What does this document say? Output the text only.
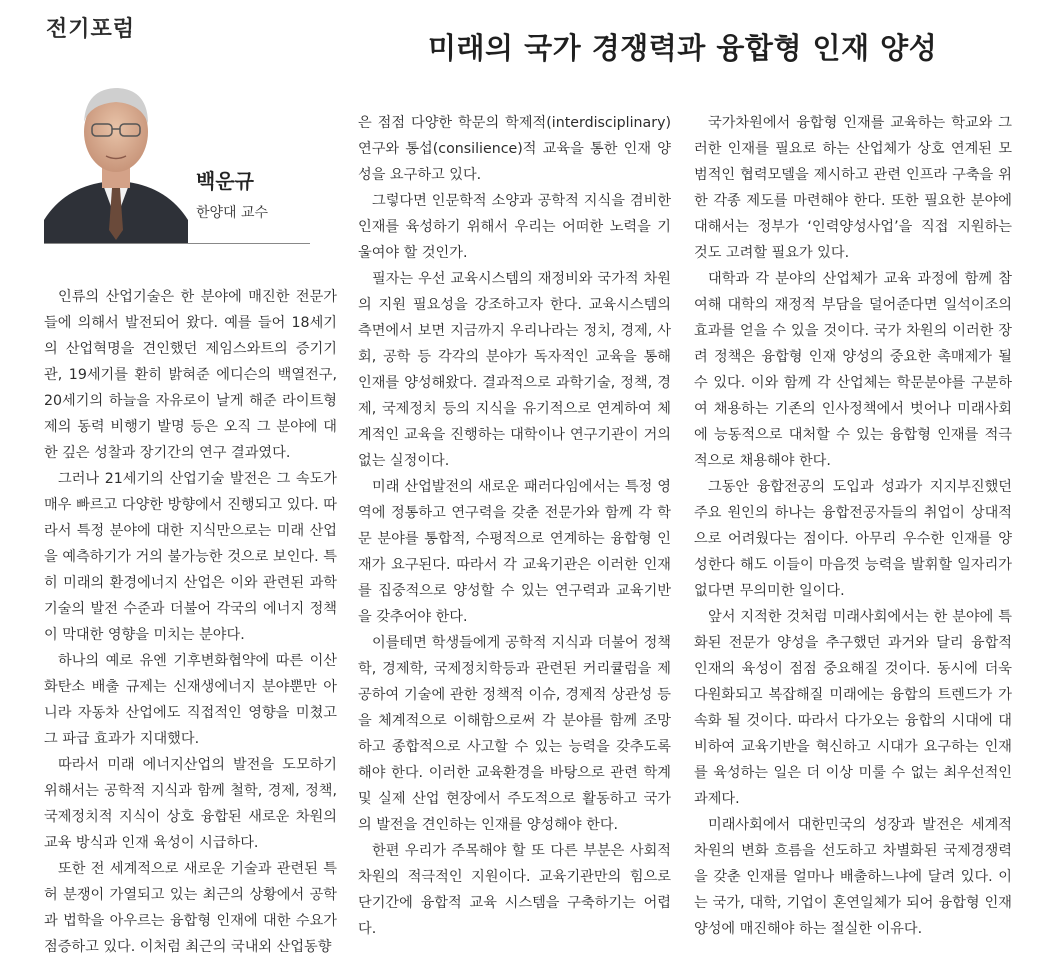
전기포럼
미래의 국가 경쟁력과 융합형 인재 양성
백운규
한양대 교수

인류의 산업기술은 한 분야에 매진한 전문가들에 의해서 발전되어 왔다. 예를 들어 18세기의 산업혁명을 견인했던 제임스와트의 증기기관, 19세기를 환히 밝혀준 에디슨의 백열전구, 20세기의 하늘을 자유로이 날게 해준 라이트형제의 동력 비행기 발명 등은 오직 그 분야에 대한 깊은 성찰과 장기간의 연구 결과였다.

그러나 21세기의 산업기술 발전은 그 속도가 매우 빠르고 다양한 방향에서 진행되고 있다. 따라서 특정 분야에 대한 지식만으로는 미래 산업을 예측하기가 거의 불가능한 것으로 보인다. 특히 미래의 환경에너지 산업은 이와 관련된 과학기술의 발전 수준과 더불어 각국의 에너지 정책이 막대한 영향을 미치는 분야다.

하나의 예로 유엔 기후변화협약에 따른 이산화탄소 배출 규제는 신재생에너지 분야뿐만 아니라 자동차 산업에도 직접적인 영향을 미쳤고 그 파급 효과가 지대했다.

따라서 미래 에너지산업의 발전을 도모하기 위해서는 공학적 지식과 함께 철학, 경제, 정책, 국제정치적 지식이 상호 융합된 새로운 차원의 교육 방식과 인재 육성이 시급하다.

또한 전 세계적으로 새로운 기술과 관련된 특허 분쟁이 가열되고 있는 최근의 상황에서 공학과 법학을 아우르는 융합형 인재에 대한 수요가 점증하고 있다. 이처럼 최근의 국내외 산업동향

은 점점 다양한 학문의 학제적(interdisciplinary) 연구와 통섭(consilience)적 교육을 통한 인재 양성을 요구하고 있다.

그렇다면 인문학적 소양과 공학적 지식을 겸비한 인재를 육성하기 위해서 우리는 어떠한 노력을 기울여야 할 것인가.

필자는 우선 교육시스템의 재정비와 국가적 차원의 지원 필요성을 강조하고자 한다. 교육시스템의 측면에서 보면 지금까지 우리나라는 정치, 경제, 사회, 공학 등 각각의 분야가 독자적인 교육을 통해 인재를 양성해왔다. 결과적으로 과학기술, 정책, 경제, 국제정치 등의 지식을 유기적으로 연계하여 체계적인 교육을 진행하는 대학이나 연구기관이 거의 없는 실정이다.

미래 산업발전의 새로운 패러다임에서는 특정 영역에 정통하고 연구력을 갖춘 전문가와 함께 각 학문 분야를 통합적, 수평적으로 연계하는 융합형 인재가 요구된다. 따라서 각 교육기관은 이러한 인재를 집중적으로 양성할 수 있는 연구력과 교육기반을 갖추어야 한다.

이를테면 학생들에게 공학적 지식과 더불어 정책학, 경제학, 국제정치학등과 관련된 커리큘럼을 제공하여 기술에 관한 정책적 이슈, 경제적 상관성 등을 체계적으로 이해함으로써 각 분야를 함께 조망하고 종합적으로 사고할 수 있는 능력을 갖추도록 해야 한다. 이러한 교육환경을 바탕으로 관련 학계 및 실제 산업 현장에서 주도적으로 활동하고 국가의 발전을 견인하는 인재를 양성해야 한다.

한편 우리가 주목해야 할 또 다른 부분은 사회적 차원의 적극적인 지원이다. 교육기관만의 힘으로 단기간에 융합적 교육 시스템을 구축하기는 어렵다.

국가차원에서 융합형 인재를 교육하는 학교와 그러한 인재를 필요로 하는 산업체가 상호 연계된 모범적인 협력모델을 제시하고 관련 인프라 구축을 위한 각종 제도를 마련해야 한다. 또한 필요한 분야에 대해서는 정부가 ‘인력양성사업’을 직접 지원하는 것도 고려할 필요가 있다.

대학과 각 분야의 산업체가 교육 과정에 함께 참여해 대학의 재정적 부담을 덜어준다면 일석이조의 효과를 얻을 수 있을 것이다. 국가 차원의 이러한 장려 정책은 융합형 인재 양성의 중요한 촉매제가 될 수 있다. 이와 함께 각 산업체는 학문분야를 구분하여 채용하는 기존의 인사정책에서 벗어나 미래사회에 능동적으로 대처할 수 있는 융합형 인재를 적극적으로 채용해야 한다.

그동안 융합전공의 도입과 성과가 지지부진했던 주요 원인의 하나는 융합전공자들의 취업이 상대적으로 어려웠다는 점이다. 아무리 우수한 인재를 양성한다 해도 이들이 마음껏 능력을 발휘할 일자리가 없다면 무의미한 일이다.

앞서 지적한 것처럼 미래사회에서는 한 분야에 특화된 전문가 양성을 추구했던 과거와 달리 융합적 인재의 육성이 점점 중요해질 것이다. 동시에 더욱 다원화되고 복잡해질 미래에는 융합의 트렌드가 가속화 될 것이다. 따라서 다가오는 융합의 시대에 대비하여 교육기반을 혁신하고 시대가 요구하는 인재를 육성하는 일은 더 이상 미룰 수 없는 최우선적인 과제다.

미래사회에서 대한민국의 성장과 발전은 세계적 차원의 변화 흐름을 선도하고 차별화된 국제경쟁력을 갖춘 인재를 얼마나 배출하느냐에 달려 있다. 이는 국가, 대학, 기업이 혼연일체가 되어 융합형 인재 양성에 매진해야 하는 절실한 이유다.
